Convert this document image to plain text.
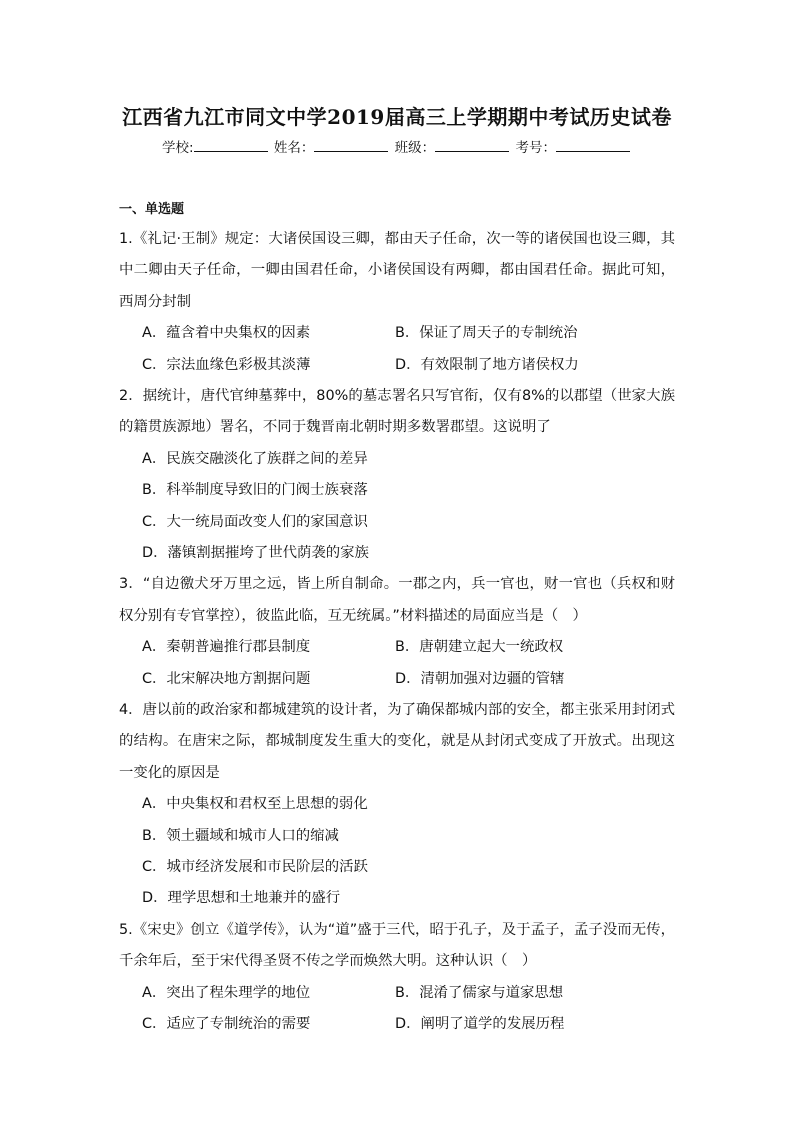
江西省九江市同文中学2019届高三上学期期中考试历史试卷
学校:	姓名：	班级：	考号：
一、单选题

1.《礼记·王制》规定：大诸侯国设三卿，都由天子任命，次一等的诸侯国也设三卿，其中二卿由天子任命，一卿由国君任命，小诸侯国设有两卿，都由国君任命。据此可知，西周分封制

A．蕴含着中央集权的因素	B．保证了周天子的专制统治
C．宗法血缘色彩极其淡薄	D．有效限制了地方诸侯权力

2．据统计，唐代官绅墓葬中，80%的墓志署名只写官衔，仅有8%的以郡望（世家大族的籍贯族源地）署名，不同于魏晋南北朝时期多数署郡望。这说明了

A．民族交融淡化了族群之间的差异
B．科举制度导致旧的门阀士族衰落
C．大一统局面改变人们的家国意识
D．藩镇割据摧垮了世代荫袭的家族

3．“自边徼犬牙万里之远，皆上所自制命。一郡之内，兵一官也，财一官也（兵权和财权分别有专官掌控），彼监此临，互无统属。”材料描述的局面应当是（　）

A．秦朝普遍推行郡县制度	B．唐朝建立起大一统政权
C．北宋解决地方割据问题	D．清朝加强对边疆的管辖

4．唐以前的政治家和都城建筑的设计者，为了确保都城内部的安全，都主张采用封闭式的结构。在唐宋之际，都城制度发生重大的变化，就是从封闭式变成了开放式。出现这一变化的原因是

A．中央集权和君权至上思想的弱化
B．领土疆域和城市人口的缩减
C．城市经济发展和市民阶层的活跃
D．理学思想和土地兼并的盛行

5.《宋史》创立《道学传》，认为“道”盛于三代，昭于孔子，及于孟子，孟子没而无传，千余年后，至于宋代得圣贤不传之学而焕然大明。这种认识（　）

A．突出了程朱理学的地位	B．混淆了儒家与道家思想
C．适应了专制统治的需要	D．阐明了道学的发展历程
